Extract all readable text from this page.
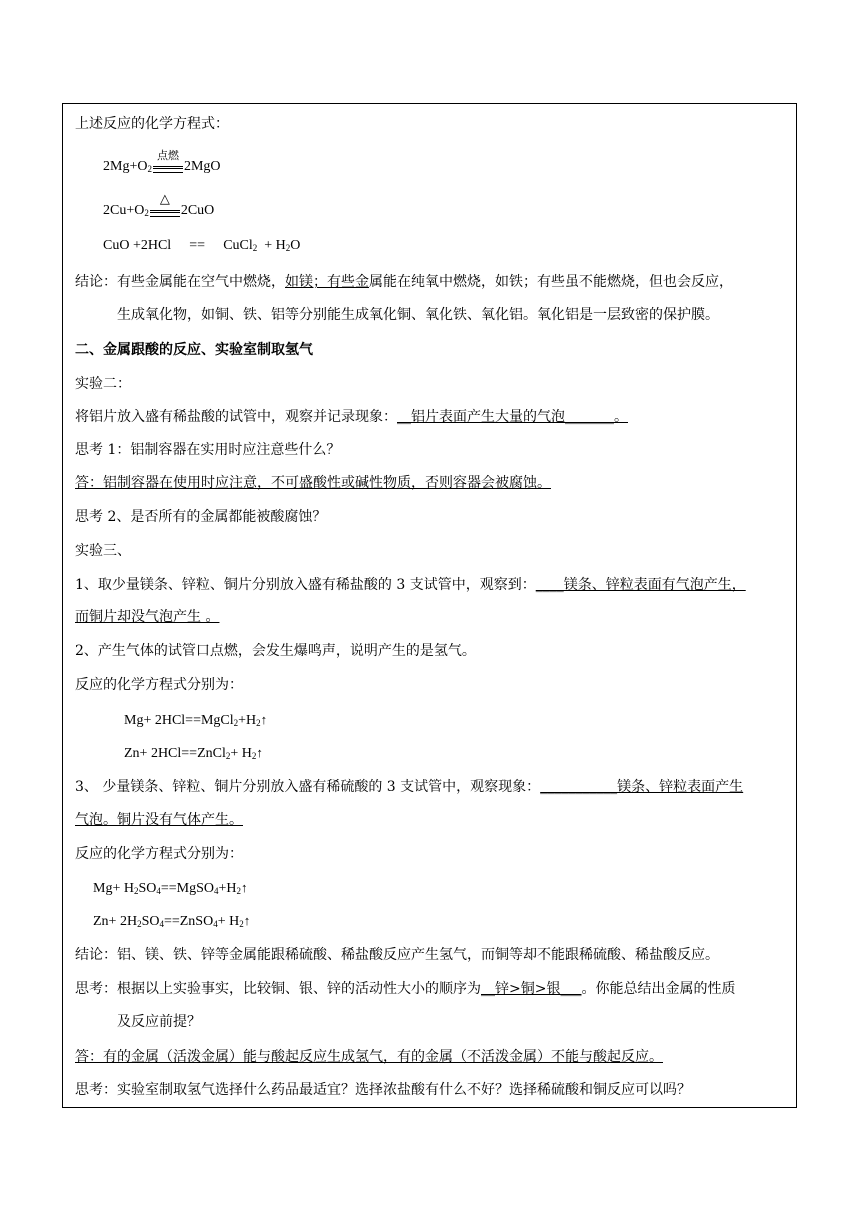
上述反应的化学方程式：
$2Mg+O_2$
点燃
2MgO
$2Cu+O_2$
△
2CuO
CuO +2HCl == CuCl$_2$ + $H_2O$
结论：有些金属能在空气中燃烧，如镁；有些金属能在纯氧中燃烧，如铁；有些虽不能燃烧，但也会反应，
生成氧化物，如铜、铁、铝等分别能生成氧化铜、氧化铁、氧化铝。氧化铝是一层致密的保护膜。
二、金属跟酸的反应、实验室制取氢气
实验二：
将铝片放入盛有稀盐酸的试管中，观察并记录现象：__铝片表面产生大量的气泡_______。
思考 1：铝制容器在实用时应注意些什么？
答：铝制容器在使用时应注意，不可盛酸性或碱性物质，否则容器会被腐蚀。
思考 2、是否所有的金属都能被酸腐蚀？
实验三、
1、取少量镁条、锌粒、铜片分别放入盛有稀盐酸的 3 支试管中，观察到：____镁条、锌粒表面有气泡产生，
而铜片却没气泡产生 。
2、产生气体的试管口点燃，会发生爆鸣声，说明产生的是氢气。
反应的化学方程式分别为：
$Mg+ 2HCl==MgCl_2+H_2↑$
Zn+ 2HCl==ZnCl$_2$+ $H_2↑$
3、 少量镁条、锌粒、铜片分别放入盛有稀硫酸的 3 支试管中，观察现象：___________镁条、锌粒表面产生
气泡。铜片没有气体产生。
反应的化学方程式分别为：
$Mg+ H_2SO_4==MgSO_4+H_2↑$
$Zn+ 2H_2SO_4==ZnSO_4+$ $H_2↑$
结论：铝、镁、铁、锌等金属能跟稀硫酸、稀盐酸反应产生氢气，而铜等却不能跟稀硫酸、稀盐酸反应。
思考：根据以上实验事实，比较铜、银、锌的活动性大小的顺序为__锌>铜>银___。你能总结出金属的性质
及反应前提？
答：有的金属（活泼金属）能与酸起反应生成氢气，有的金属（不活泼金属）不能与酸起反应。
思考：实验室制取氢气选择什么药品最适宜？选择浓盐酸有什么不好？选择稀硫酸和铜反应可以吗？
